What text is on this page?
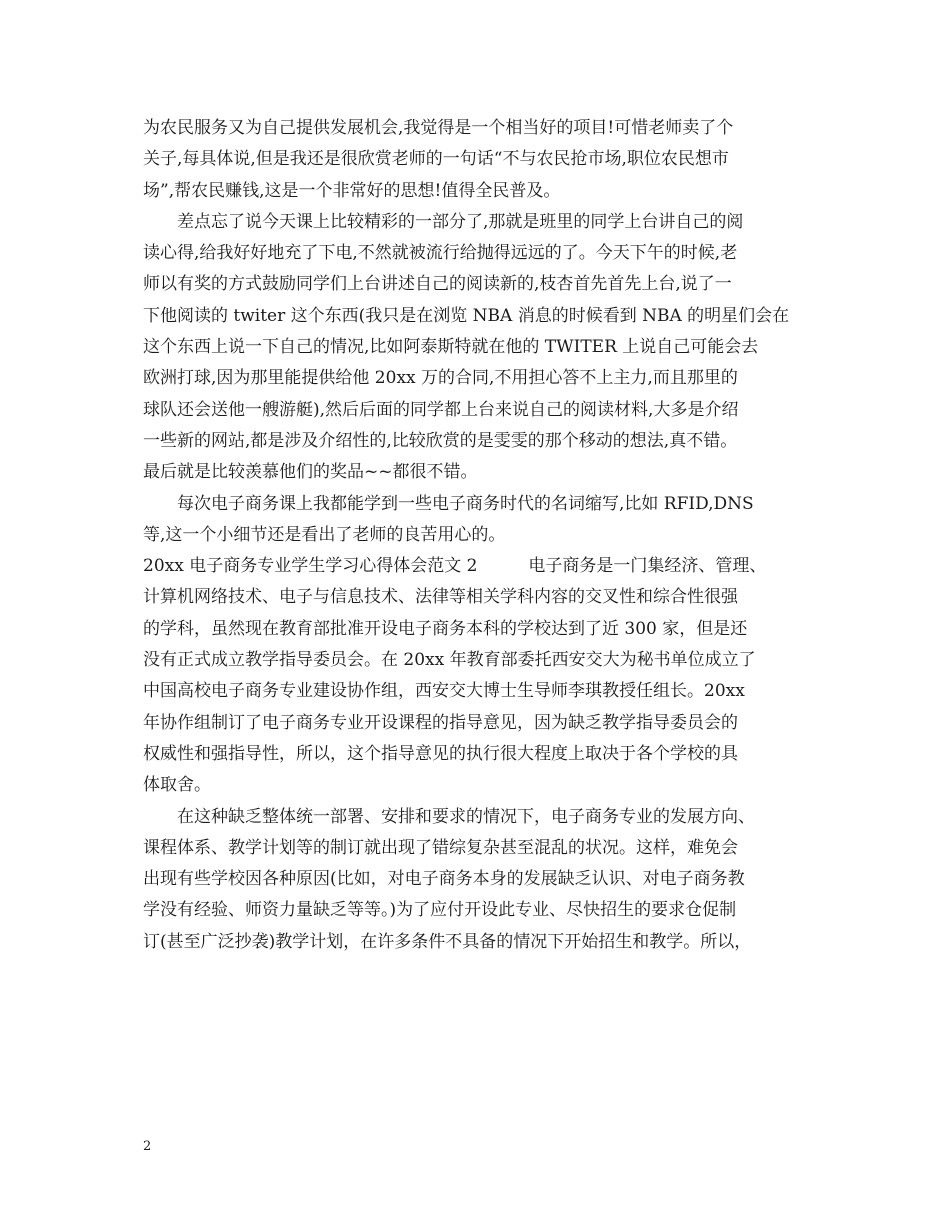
为农民服务又为自己提供发展机会,我觉得是一个相当好的项目!可惜老师卖了个
关子,每具体说,但是我还是很欣赏老师的一句话“不与农民抢市场,职位农民想市
场”,帮农民赚钱,这是一个非常好的思想!值得全民普及。
　　差点忘了说今天课上比较精彩的一部分了,那就是班里的同学上台讲自己的阅
读心得,给我好好地充了下电,不然就被流行给抛得远远的了。今天下午的时候,老
师以有奖的方式鼓励同学们上台讲述自己的阅读新的,枝杏首先首先上台,说了一
下他阅读的 twiter 这个东西(我只是在浏览 NBA 消息的时候看到 NBA 的明星们会在
这个东西上说一下自己的情况,比如阿泰斯特就在他的 TWITER 上说自己可能会去
欧洲打球,因为那里能提供给他 20xx 万的合同,不用担心答不上主力,而且那里的
球队还会送他一艘游艇),然后后面的同学都上台来说自己的阅读材料,大多是介绍
一些新的网站,都是涉及介绍性的,比较欣赏的是雯雯的那个移动的想法,真不错。
最后就是比较羡慕他们的奖品~~都很不错。
　　每次电子商务课上我都能学到一些电子商务时代的名词缩写,比如 RFID,DNS
等,这一个小细节还是看出了老师的良苦用心的。
20xx 电子商务专业学生学习心得体会范文 2　　　电子商务是一门集经济、管理、
计算机网络技术、电子与信息技术、法律等相关学科内容的交叉性和综合性很强
的学科，虽然现在教育部批准开设电子商务本科的学校达到了近 300 家，但是还
没有正式成立教学指导委员会。在 20xx 年教育部委托西安交大为秘书单位成立了
中国高校电子商务专业建设协作组，西安交大博士生导师李琪教授任组长。20xx
年协作组制订了电子商务专业开设课程的指导意见，因为缺乏教学指导委员会的
权威性和强指导性，所以，这个指导意见的执行很大程度上取决于各个学校的具
体取舍。
　　在这种缺乏整体统一部署、安排和要求的情况下，电子商务专业的发展方向、
课程体系、教学计划等的制订就出现了错综复杂甚至混乱的状况。这样，难免会
出现有些学校因各种原因(比如，对电子商务本身的发展缺乏认识、对电子商务教
学没有经验、师资力量缺乏等等。)为了应付开设此专业、尽快招生的要求仓促制
订(甚至广泛抄袭)教学计划，在许多条件不具备的情况下开始招生和教学。所以，
2
